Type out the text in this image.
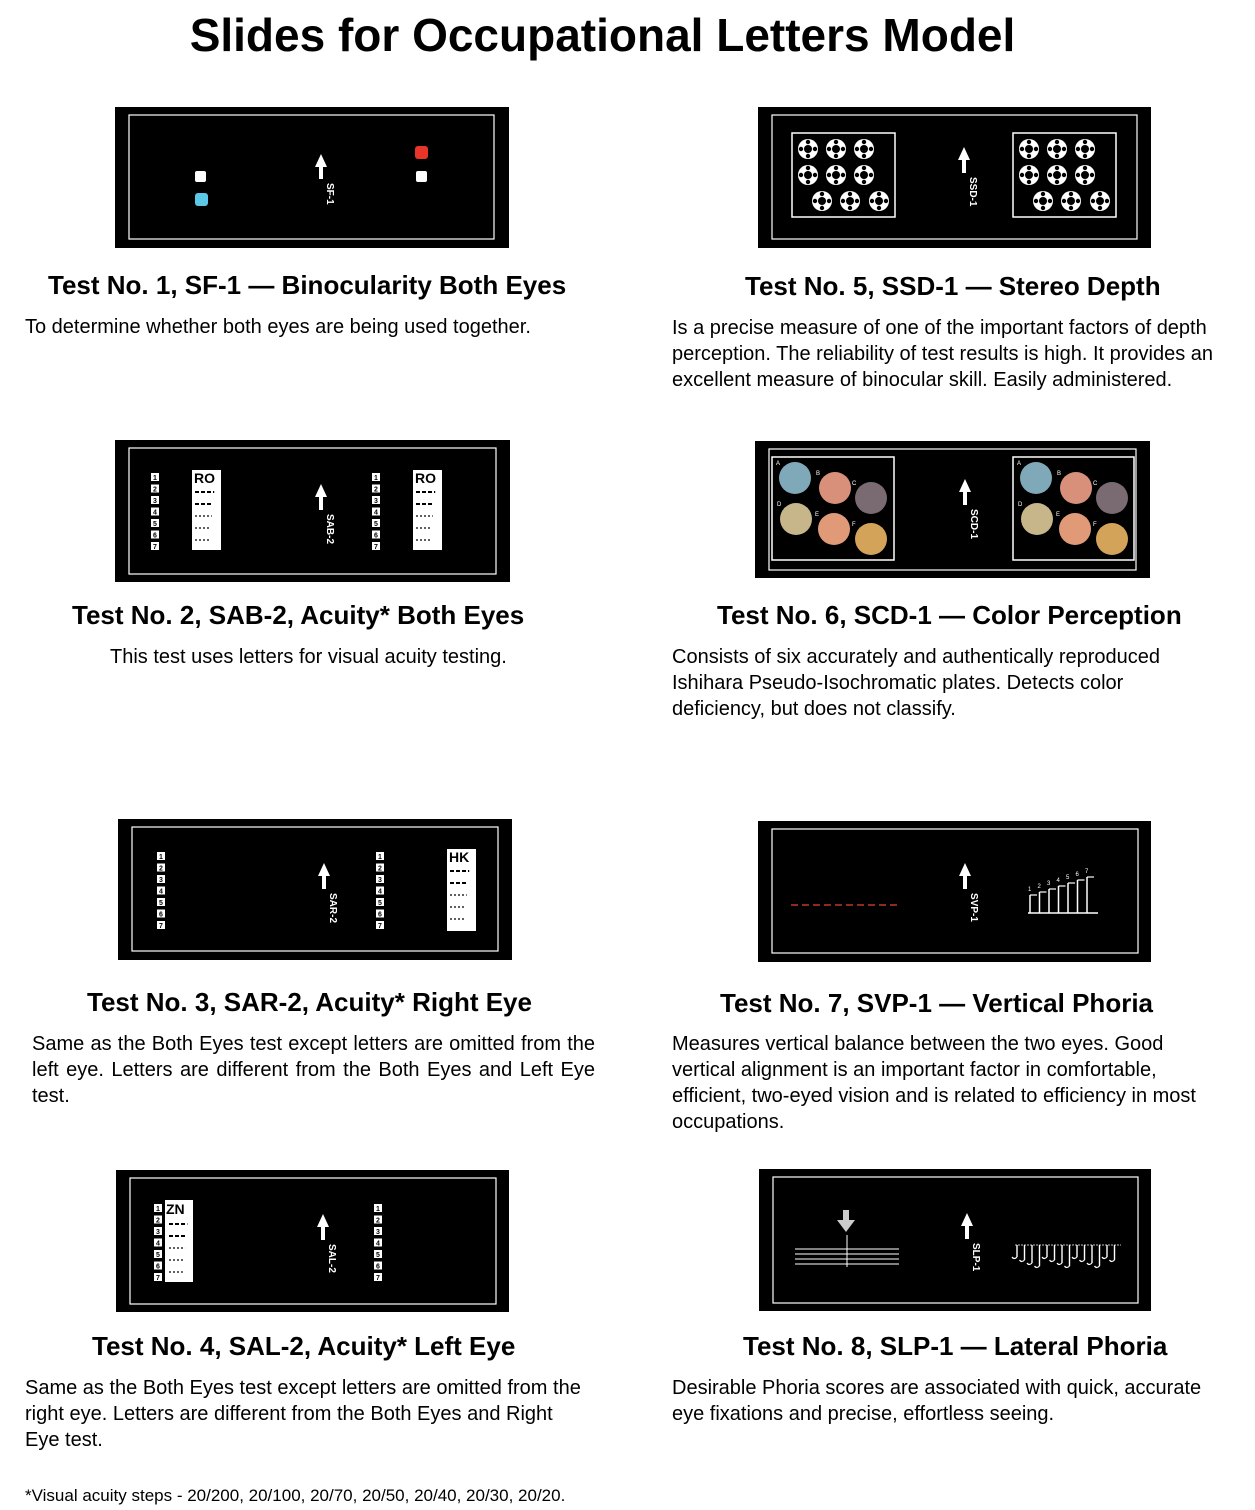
Slides for Occupational Letters Model
SF-1
Test No. 1, SF-1 — Binocularity Both Eyes
To determine whether both eyes are being used together.
SSD-1
Test No. 5, SSD-1 — Stereo Depth
Is a precise measure of one of the important factors of depth perception. The reliability of test results is high. It provides an excellent measure of binocular skill. Easily administered.
RO	RO
SAB-2
1
2
3
4
5
6
7
1
2
3
4
5
6
7
Test No. 2, SAB-2, Acuity* Both Eyes
This test uses letters for visual acuity testing.
SCD-1
A	A
B	B
C	C
D	D
E	E
F	F
Test No. 6, SCD-1 — Color Perception
Consists of six accurately and authentically reproduced Ishihara Pseudo-Isochromatic plates. Detects color deficiency, but does not classify.
HK
SAR-2
1
2
3
4
5
6
7
1
2
3
4
5
6
7
Test No. 3, SAR-2, Acuity* Right Eye
Same as the Both Eyes test except letters are omitted from the left eye. Letters are different from the Both Eyes and Left Eye test.
SVP-1
1 2 3 4 5 6 7
Test No. 7, SVP-1 — Vertical Phoria
Measures vertical balance between the two eyes. Good vertical alignment is an important factor in comfortable, efficient, two-eyed vision and is related to efficiency in most occupations.
ZN
SAL-2
1
2
3
4
5
6
7
1
2
3
4
5
6
7
Test No. 4, SAL-2, Acuity* Left Eye
Same as the Both Eyes test except letters are omitted from the right eye. Letters are different from the Both Eyes and Right Eye test.
SLP-1
Test No. 8, SLP-1 — Lateral Phoria
Desirable Phoria scores are associated with quick, accurate eye fixations and precise, effortless seeing.
*Visual acuity steps - 20/200, 20/100, 20/70, 20/50, 20/40, 20/30, 20/20.
